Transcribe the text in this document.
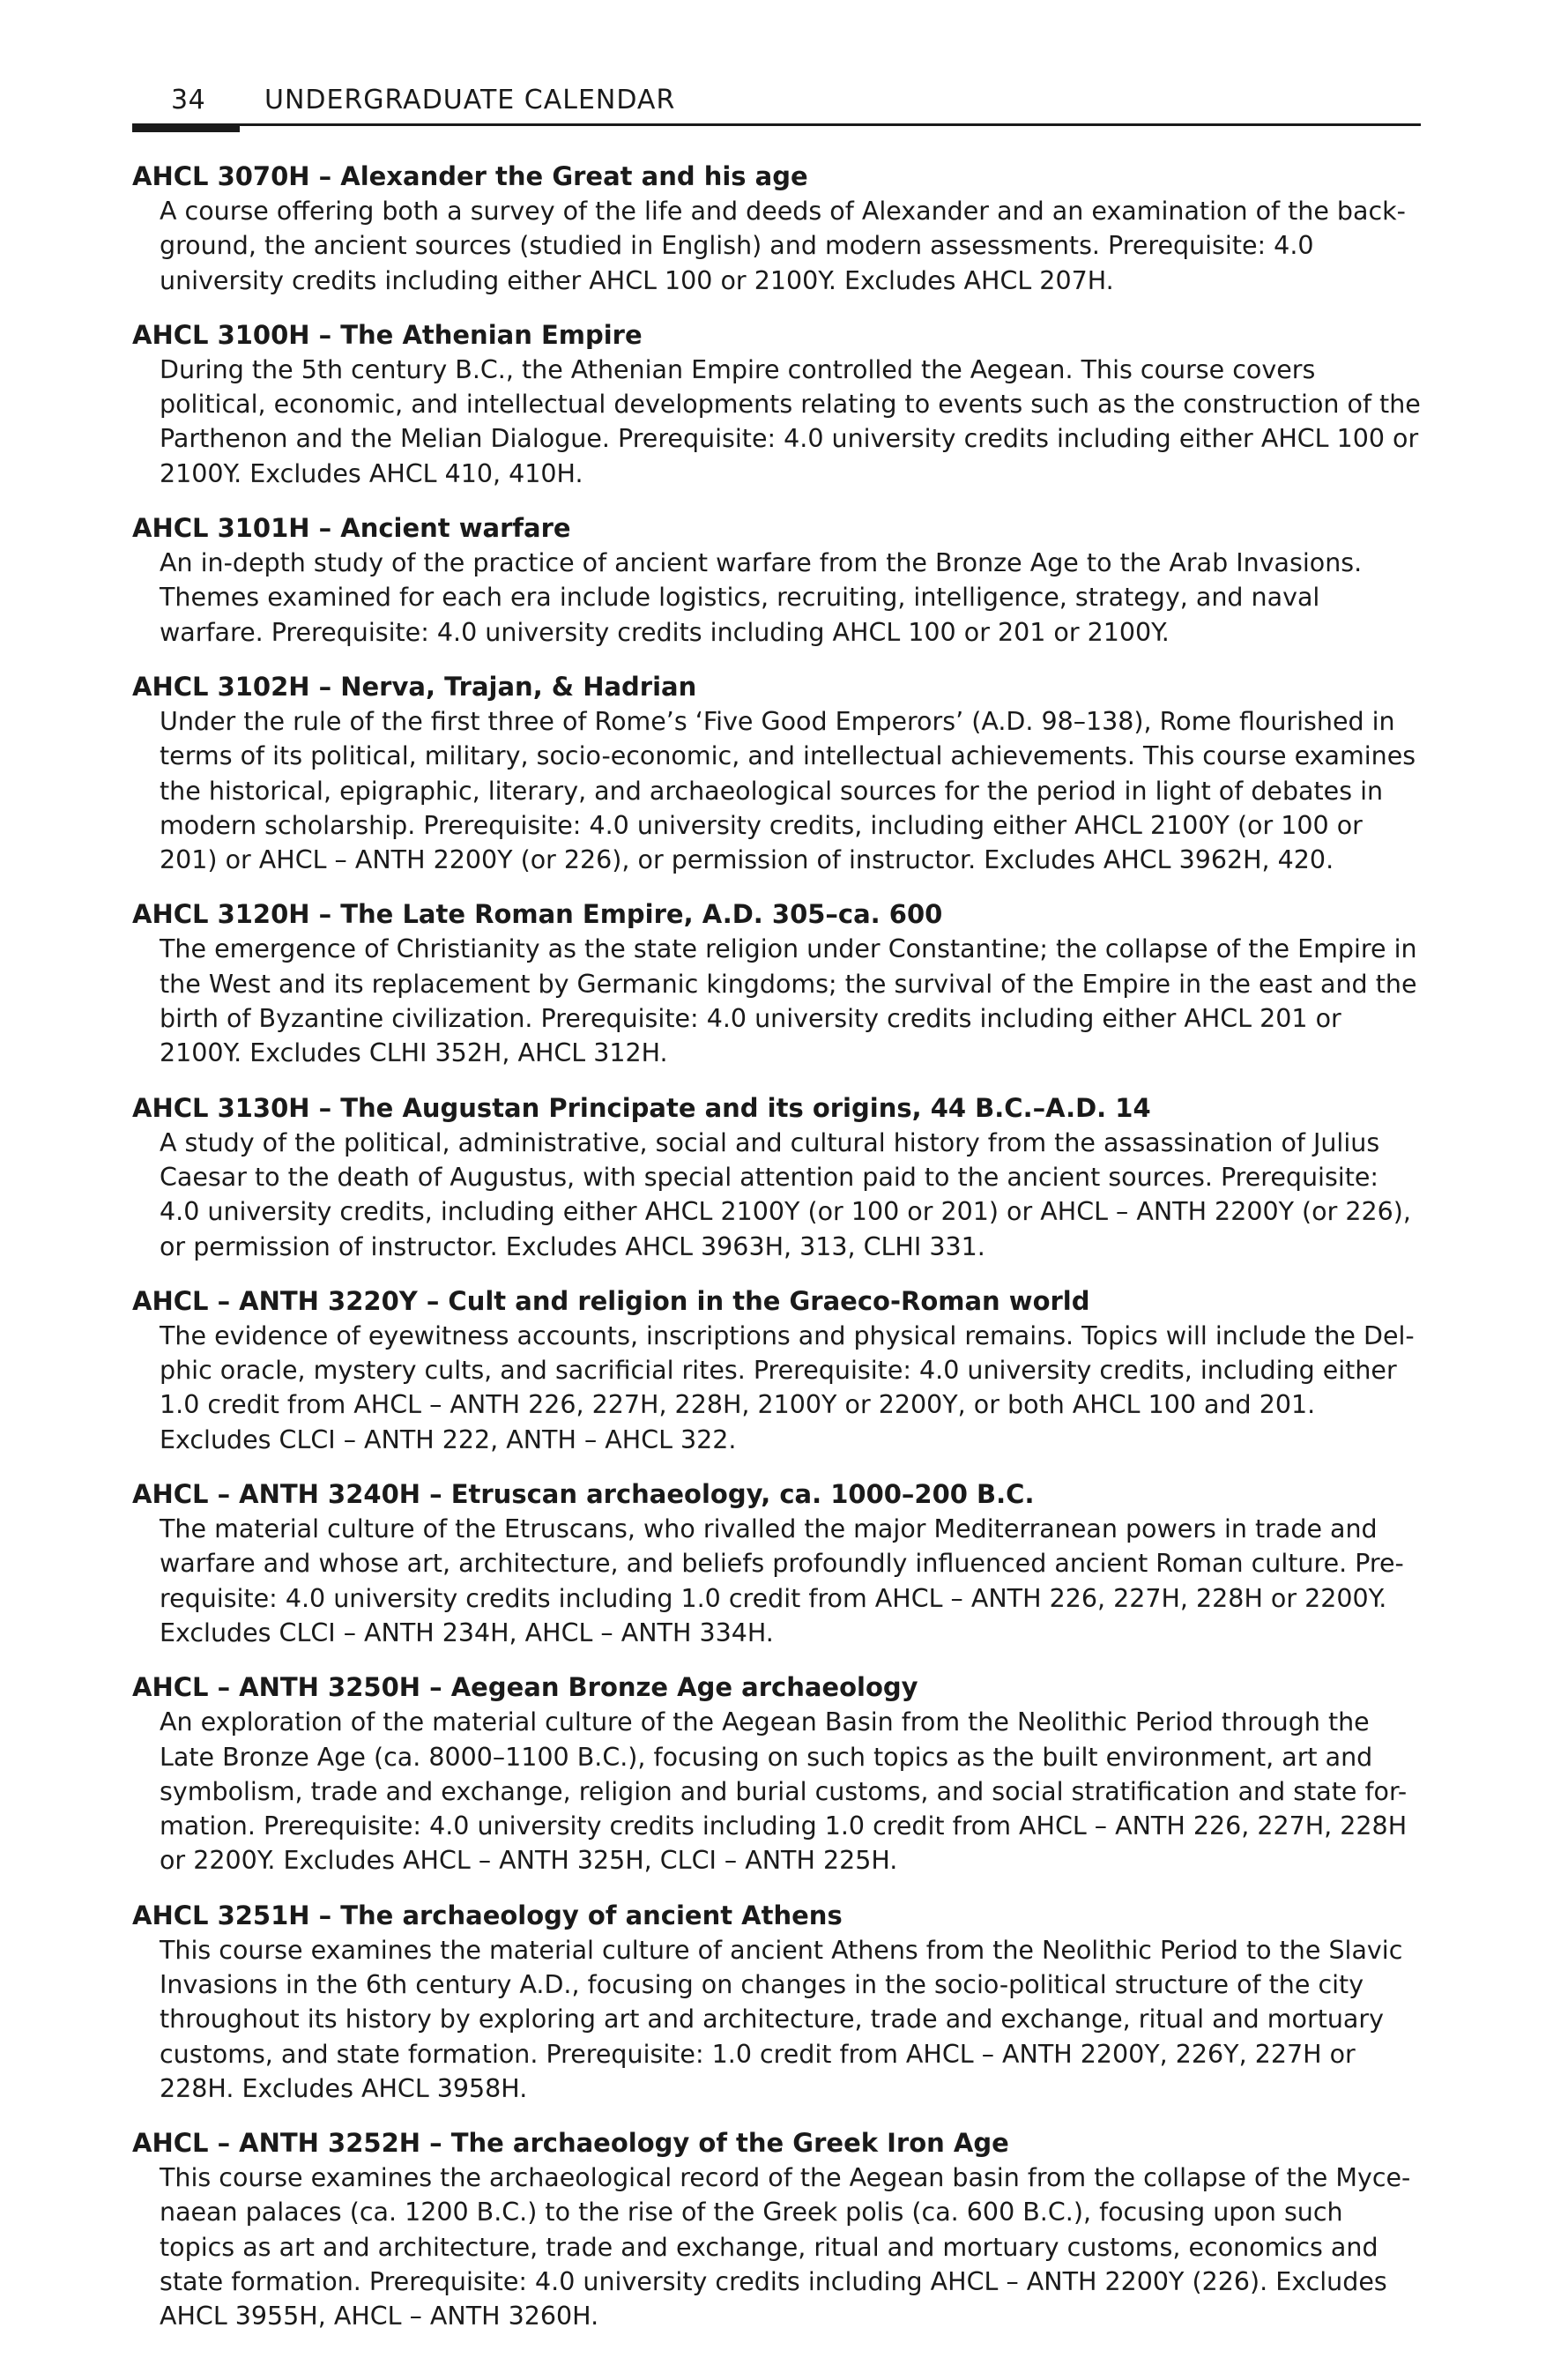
34 UNDERGRADUATE CALENDAR

AHCL 3070H – Alexander the Great and his age

A course offering both a survey of the life and deeds of Alexander and an examination of the back-ground, the ancient sources (studied in English) and modern assessments. Prerequisite: 4.0 university credits including either AHCL 100 or 2100Y. Excludes AHCL 207H.

AHCL 3100H – The Athenian Empire

During the 5th century B.C., the Athenian Empire controlled the Aegean. This course covers political, economic, and intellectual developments relating to events such as the construction of the Parthenon and the Melian Dialogue. Prerequisite: 4.0 university credits including either AHCL 100 or 2100Y. Excludes AHCL 410, 410H.

AHCL 3101H – Ancient warfare

An in-depth study of the practice of ancient warfare from the Bronze Age to the Arab Invasions. Themes examined for each era include logistics, recruiting, intelligence, strategy, and naval warfare. Prerequisite: 4.0 university credits including AHCL 100 or 201 or 2100Y.

AHCL 3102H – Nerva, Trajan, & Hadrian

Under the rule of the first three of Rome’s ‘Five Good Emperors’ (A.D. 98–138), Rome flourished in terms of its political, military, socio-economic, and intellectual achievements. This course examines the historical, epigraphic, literary, and archaeological sources for the period in light of debates in modern scholarship. Prerequisite: 4.0 university credits, including either AHCL 2100Y (or 100 or 201) or AHCL – ANTH 2200Y (or 226), or permission of instructor. Excludes AHCL 3962H, 420.

AHCL 3120H – The Late Roman Empire, A.D. 305–ca. 600

The emergence of Christianity as the state religion under Constantine; the collapse of the Empire in the West and its replacement by Germanic kingdoms; the survival of the Empire in the east and the birth of Byzantine civilization. Prerequisite: 4.0 university credits including either AHCL 201 or 2100Y. Excludes CLHI 352H, AHCL 312H.

AHCL 3130H – The Augustan Principate and its origins, 44 B.C.–A.D. 14

A study of the political, administrative, social and cultural history from the assassination of Julius Caesar to the death of Augustus, with special attention paid to the ancient sources. Prerequisite: 4.0 university credits, including either AHCL 2100Y (or 100 or 201) or AHCL – ANTH 2200Y (or 226), or permission of instructor. Excludes AHCL 3963H, 313, CLHI 331.

AHCL – ANTH 3220Y – Cult and religion in the Graeco-Roman world

The evidence of eyewitness accounts, inscriptions and physical remains. Topics will include the Del-phic oracle, mystery cults, and sacrificial rites. Prerequisite: 4.0 university credits, including either 1.0 credit from AHCL – ANTH 226, 227H, 228H, 2100Y or 2200Y, or both AHCL 100 and 201. Excludes CLCI – ANTH 222, ANTH – AHCL 322.

AHCL – ANTH 3240H – Etruscan archaeology, ca. 1000–200 B.C.

The material culture of the Etruscans, who rivalled the major Mediterranean powers in trade and warfare and whose art, architecture, and beliefs profoundly influenced ancient Roman culture. Pre-requisite: 4.0 university credits including 1.0 credit from AHCL – ANTH 226, 227H, 228H or 2200Y. Excludes CLCI – ANTH 234H, AHCL – ANTH 334H.

AHCL – ANTH 3250H – Aegean Bronze Age archaeology

An exploration of the material culture of the Aegean Basin from the Neolithic Period through the Late Bronze Age (ca. 8000–1100 B.C.), focusing on such topics as the built environment, art and symbolism, trade and exchange, religion and burial customs, and social stratification and state for-mation. Prerequisite: 4.0 university credits including 1.0 credit from AHCL – ANTH 226, 227H, 228H or 2200Y. Excludes AHCL – ANTH 325H, CLCI – ANTH 225H.

AHCL 3251H – The archaeology of ancient Athens

This course examines the material culture of ancient Athens from the Neolithic Period to the Slavic Invasions in the 6th century A.D., focusing on changes in the socio-political structure of the city throughout its history by exploring art and architecture, trade and exchange, ritual and mortuary customs, and state formation. Prerequisite: 1.0 credit from AHCL – ANTH 2200Y, 226Y, 227H or 228H. Excludes AHCL 3958H.

AHCL – ANTH 3252H – The archaeology of the Greek Iron Age

This course examines the archaeological record of the Aegean basin from the collapse of the Myce-naean palaces (ca. 1200 B.C.) to the rise of the Greek polis (ca. 600 B.C.), focusing upon such topics as art and architecture, trade and exchange, ritual and mortuary customs, economics and state formation. Prerequisite: 4.0 university credits including AHCL – ANTH 2200Y (226). Excludes AHCL 3955H, AHCL – ANTH 3260H.
